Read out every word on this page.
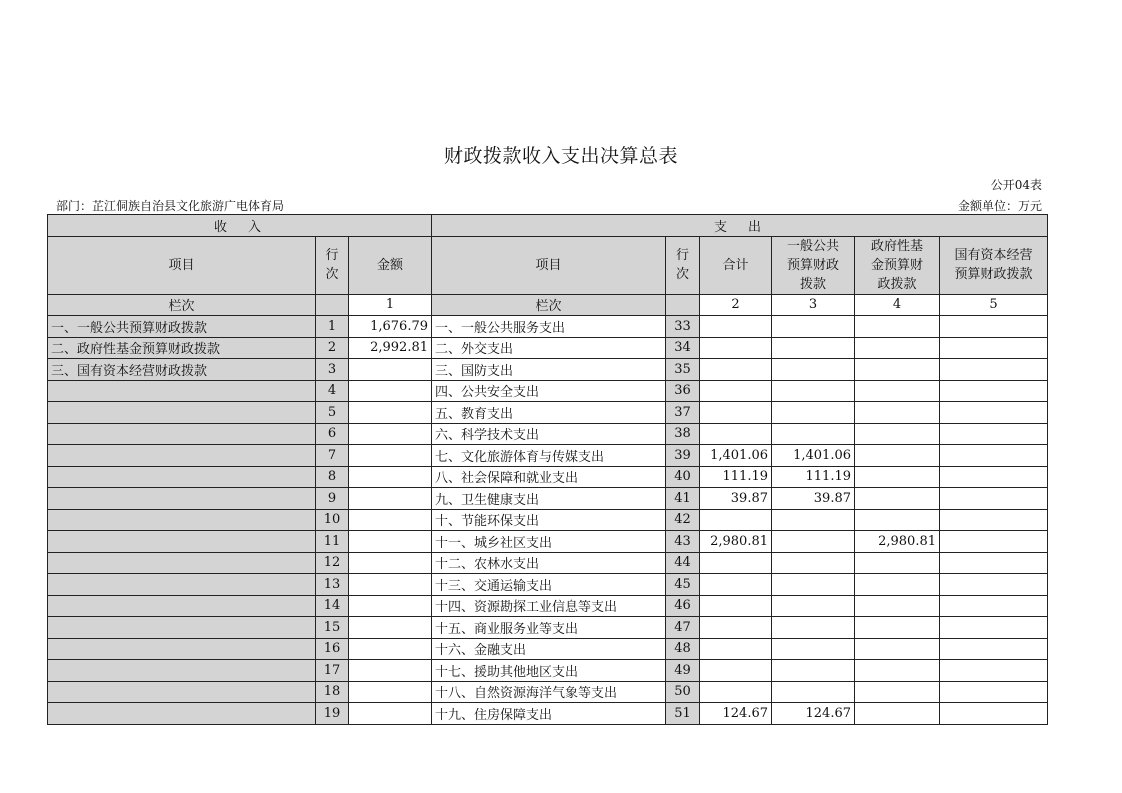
财政拨款收入支出决算总表
公开04表
部门：芷江侗族自治县文化旅游广电体育局	金额单位：万元
收　入			支　出					
项目	行次	金额	项目	行次	合计	一般公共预算财政拨款	政府性基金预算财政拨款	国有资本经营预算财政拨款
栏次		1	栏次		2	3	4	5
一、一般公共预算财政拨款	1	1,676.79	一、一般公共服务支出	33				
二、政府性基金预算财政拨款	2	2,992.81	二、外交支出	34				
三、国有资本经营财政拨款	3		三、国防支出	35				
	4		四、公共安全支出	36				
	5		五、教育支出	37				
	6		六、科学技术支出	38				
	7		七、文化旅游体育与传媒支出	39	1,401.06	1,401.06		
	8		八、社会保障和就业支出	40	111.19	111.19		
	9		九、卫生健康支出	41	39.87	39.87		
	10		十、节能环保支出	42				
	11		十一、城乡社区支出	43	2,980.81		2,980.81	
	12		十二、农林水支出	44				
	13		十三、交通运输支出	45				
	14		十四、资源勘探工业信息等支出	46				
	15		十五、商业服务业等支出	47				
	16		十六、金融支出	48				
	17		十七、援助其他地区支出	49				
	18		十八、自然资源海洋气象等支出	50				
	19		十九、住房保障支出	51	124.67	124.67		
